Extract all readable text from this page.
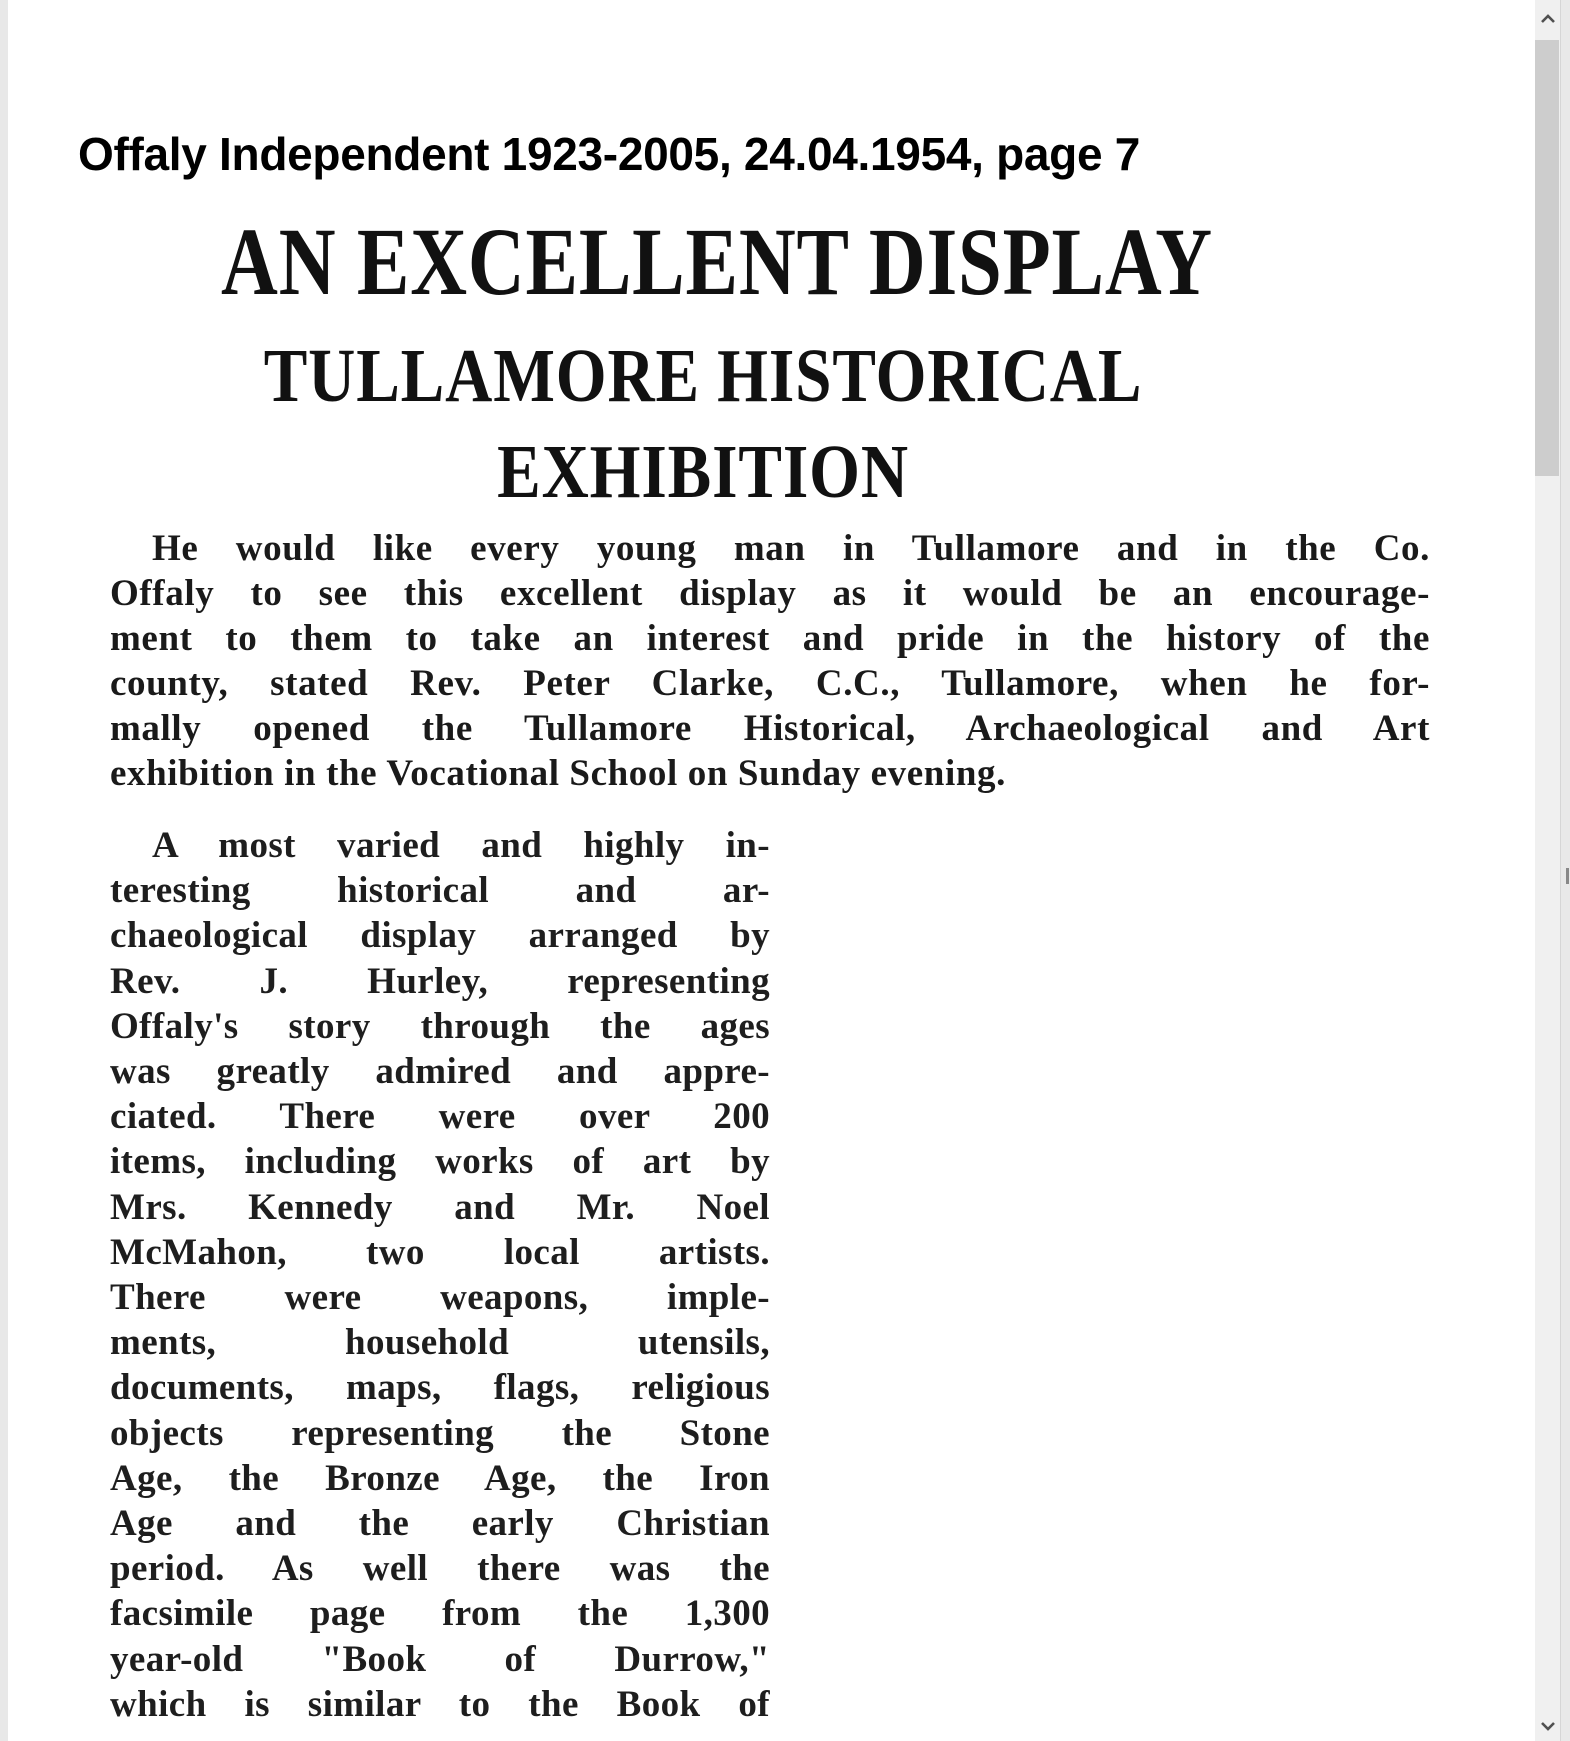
Offaly Independent 1923-2005, 24.04.1954, page 7
AN EXCELLENT DISPLAY
TULLAMORE HISTORICAL
EXHIBITION
He would like every young man in Tullamore and in the Co.
Offaly to see this excellent display as it would be an encourage-
ment to them to take an interest and pride in the history of the
county, stated Rev. Peter Clarke, C.C., Tullamore, when he for-
mally opened the Tullamore Historical, Archaeological and Art
exhibition in the Vocational School on Sunday evening.
A most varied and highly in-
teresting historical and ar-
chaeological display arranged by
Rev. J. Hurley, representing
Offaly's story through the ages
was greatly admired and appre-
ciated. There were over 200
items, including works of art by
Mrs. Kennedy and Mr. Noel
McMahon, two local artists.
There were weapons, imple-
ments, household utensils,
documents, maps, flags, religious
objects representing the Stone
Age, the Bronze Age, the Iron
Age and the early Christian
period. As well there was the
facsimile page from the 1,300
year-old "Book of Durrow,"
which is similar to the Book of
